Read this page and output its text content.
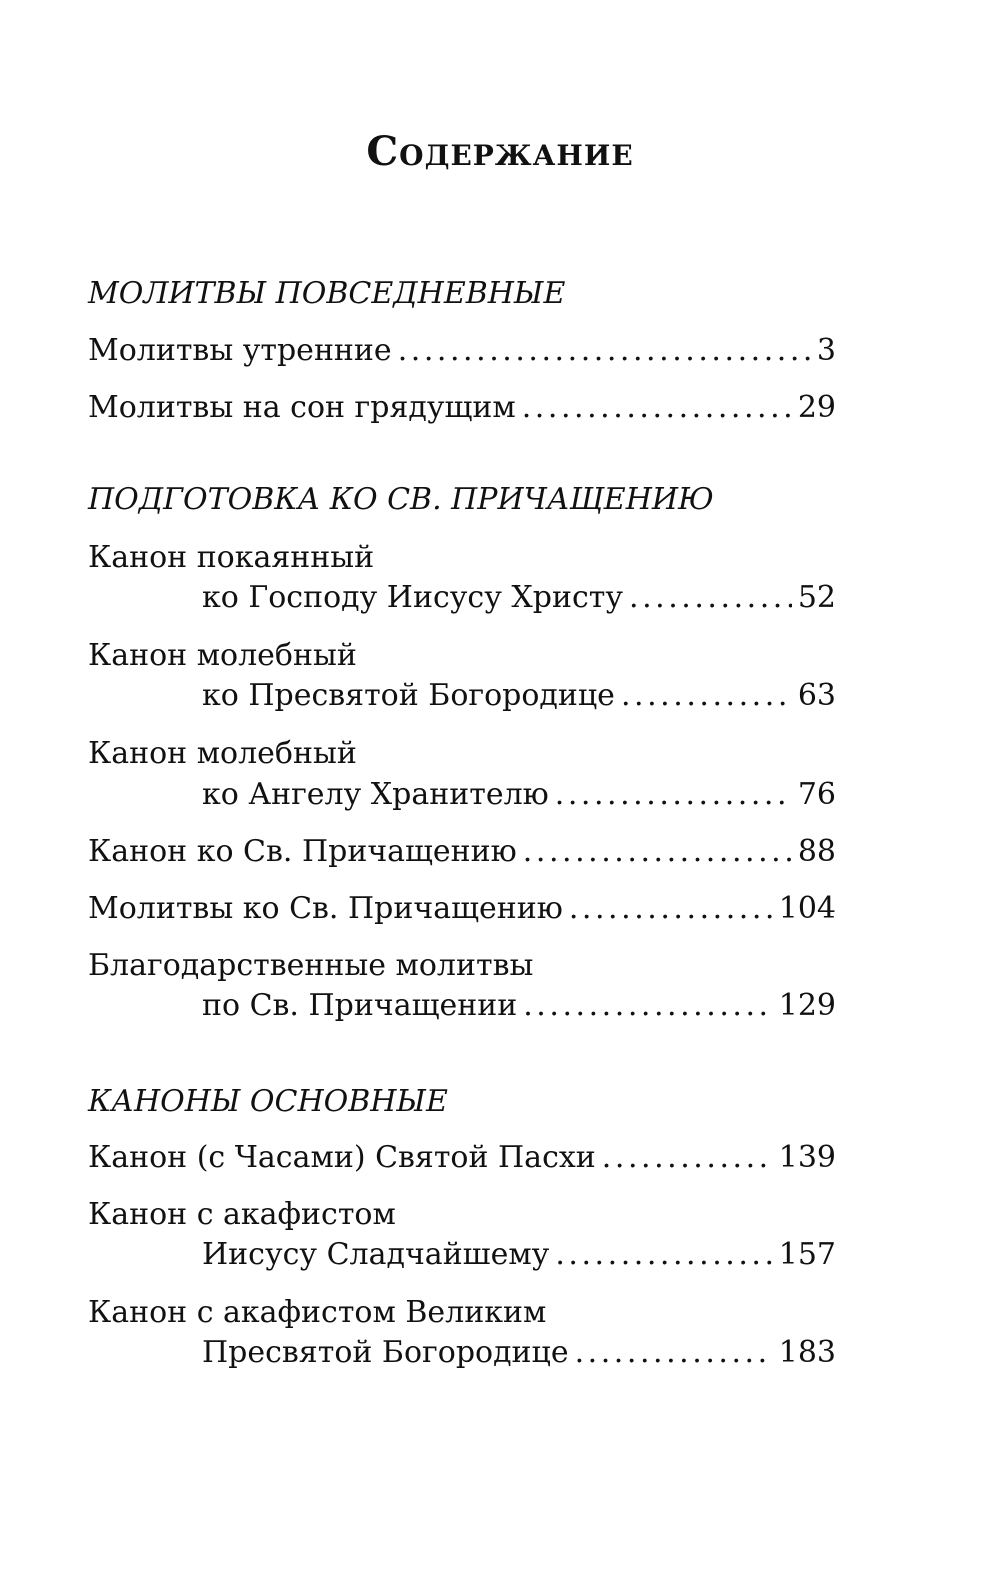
Содержание
МОЛИТВЫ ПОВСЕДНЕВНЫЕ
Молитвы утренние . . .	3
Молитвы на сон грядущим . . .	29
ПОДГОТОВКА КО СВ. ПРИЧАЩЕНИЮ
Канон покаянный
ко Господу Иисусу Христу . . .	52
Канон молебный
ко Пресвятой Богородице . . .	63
Канон молебный
ко Ангелу Хранителю . . .	76
Канон ко Св. Причащению . . .	88
Молитвы ко Св. Причащению . . .	104
Благодарственные молитвы
по Св. Причащении . . .	129
КАНОНЫ ОСНОВНЫЕ
Канон (с Часами) Святой Пасхи . . .	139
Канон с акафистом
Иисусу Сладчайшему . . .	157
Канон с акафистом Великим
Пресвятой Богородице . . .	183
